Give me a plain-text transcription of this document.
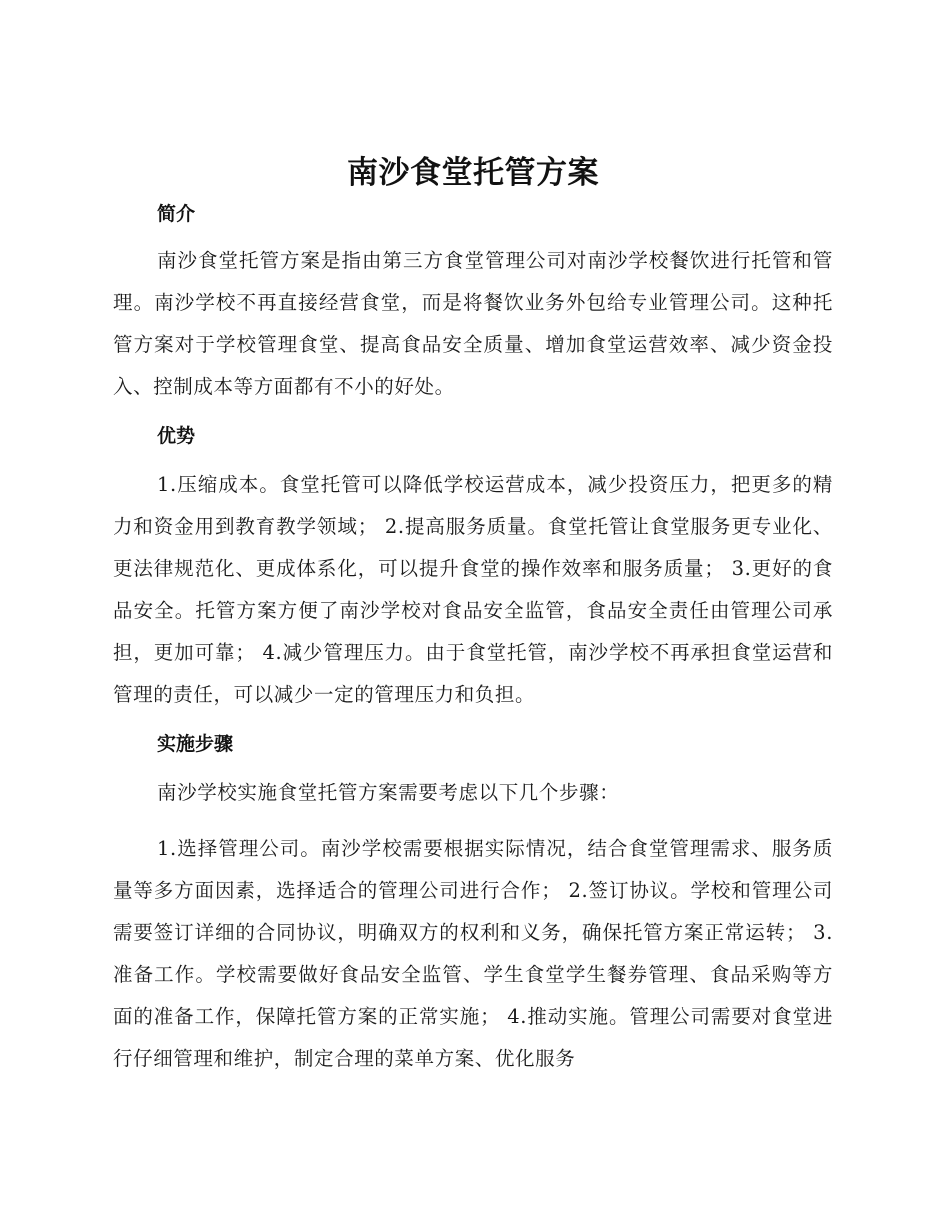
南沙食堂托管方案
简介

南沙食堂托管方案是指由第三方食堂管理公司对南沙学校餐饮进行托管和管理。南沙学校不再直接经营食堂，而是将餐饮业务外包给专业管理公司。这种托管方案对于学校管理食堂、提高食品安全质量、增加食堂运营效率、减少资金投入、控制成本等方面都有不小的好处。

优势

1.压缩成本。食堂托管可以降低学校运营成本，减少投资压力，把更多的精力和资金用到教育教学领域； 2.提高服务质量。食堂托管让食堂服务更专业化、更法律规范化、更成体系化，可以提升食堂的操作效率和服务质量； 3.更好的食品安全。托管方案方便了南沙学校对食品安全监管，食品安全责任由管理公司承担，更加可靠； 4.减少管理压力。由于食堂托管，南沙学校不再承担食堂运营和管理的责任，可以减少一定的管理压力和负担。

实施步骤

南沙学校实施食堂托管方案需要考虑以下几个步骤：

1.选择管理公司。南沙学校需要根据实际情况，结合食堂管理需求、服务质量等多方面因素，选择适合的管理公司进行合作； 2.签订协议。学校和管理公司需要签订详细的合同协议，明确双方的权利和义务，确保托管方案正常运转； 3.准备工作。学校需要做好食品安全监管、学生食堂学生餐券管理、食品采购等方面的准备工作，保障托管方案的正常实施； 4.推动实施。管理公司需要对食堂进行仔细管理和维护，制定合理的菜单方案、优化服务
